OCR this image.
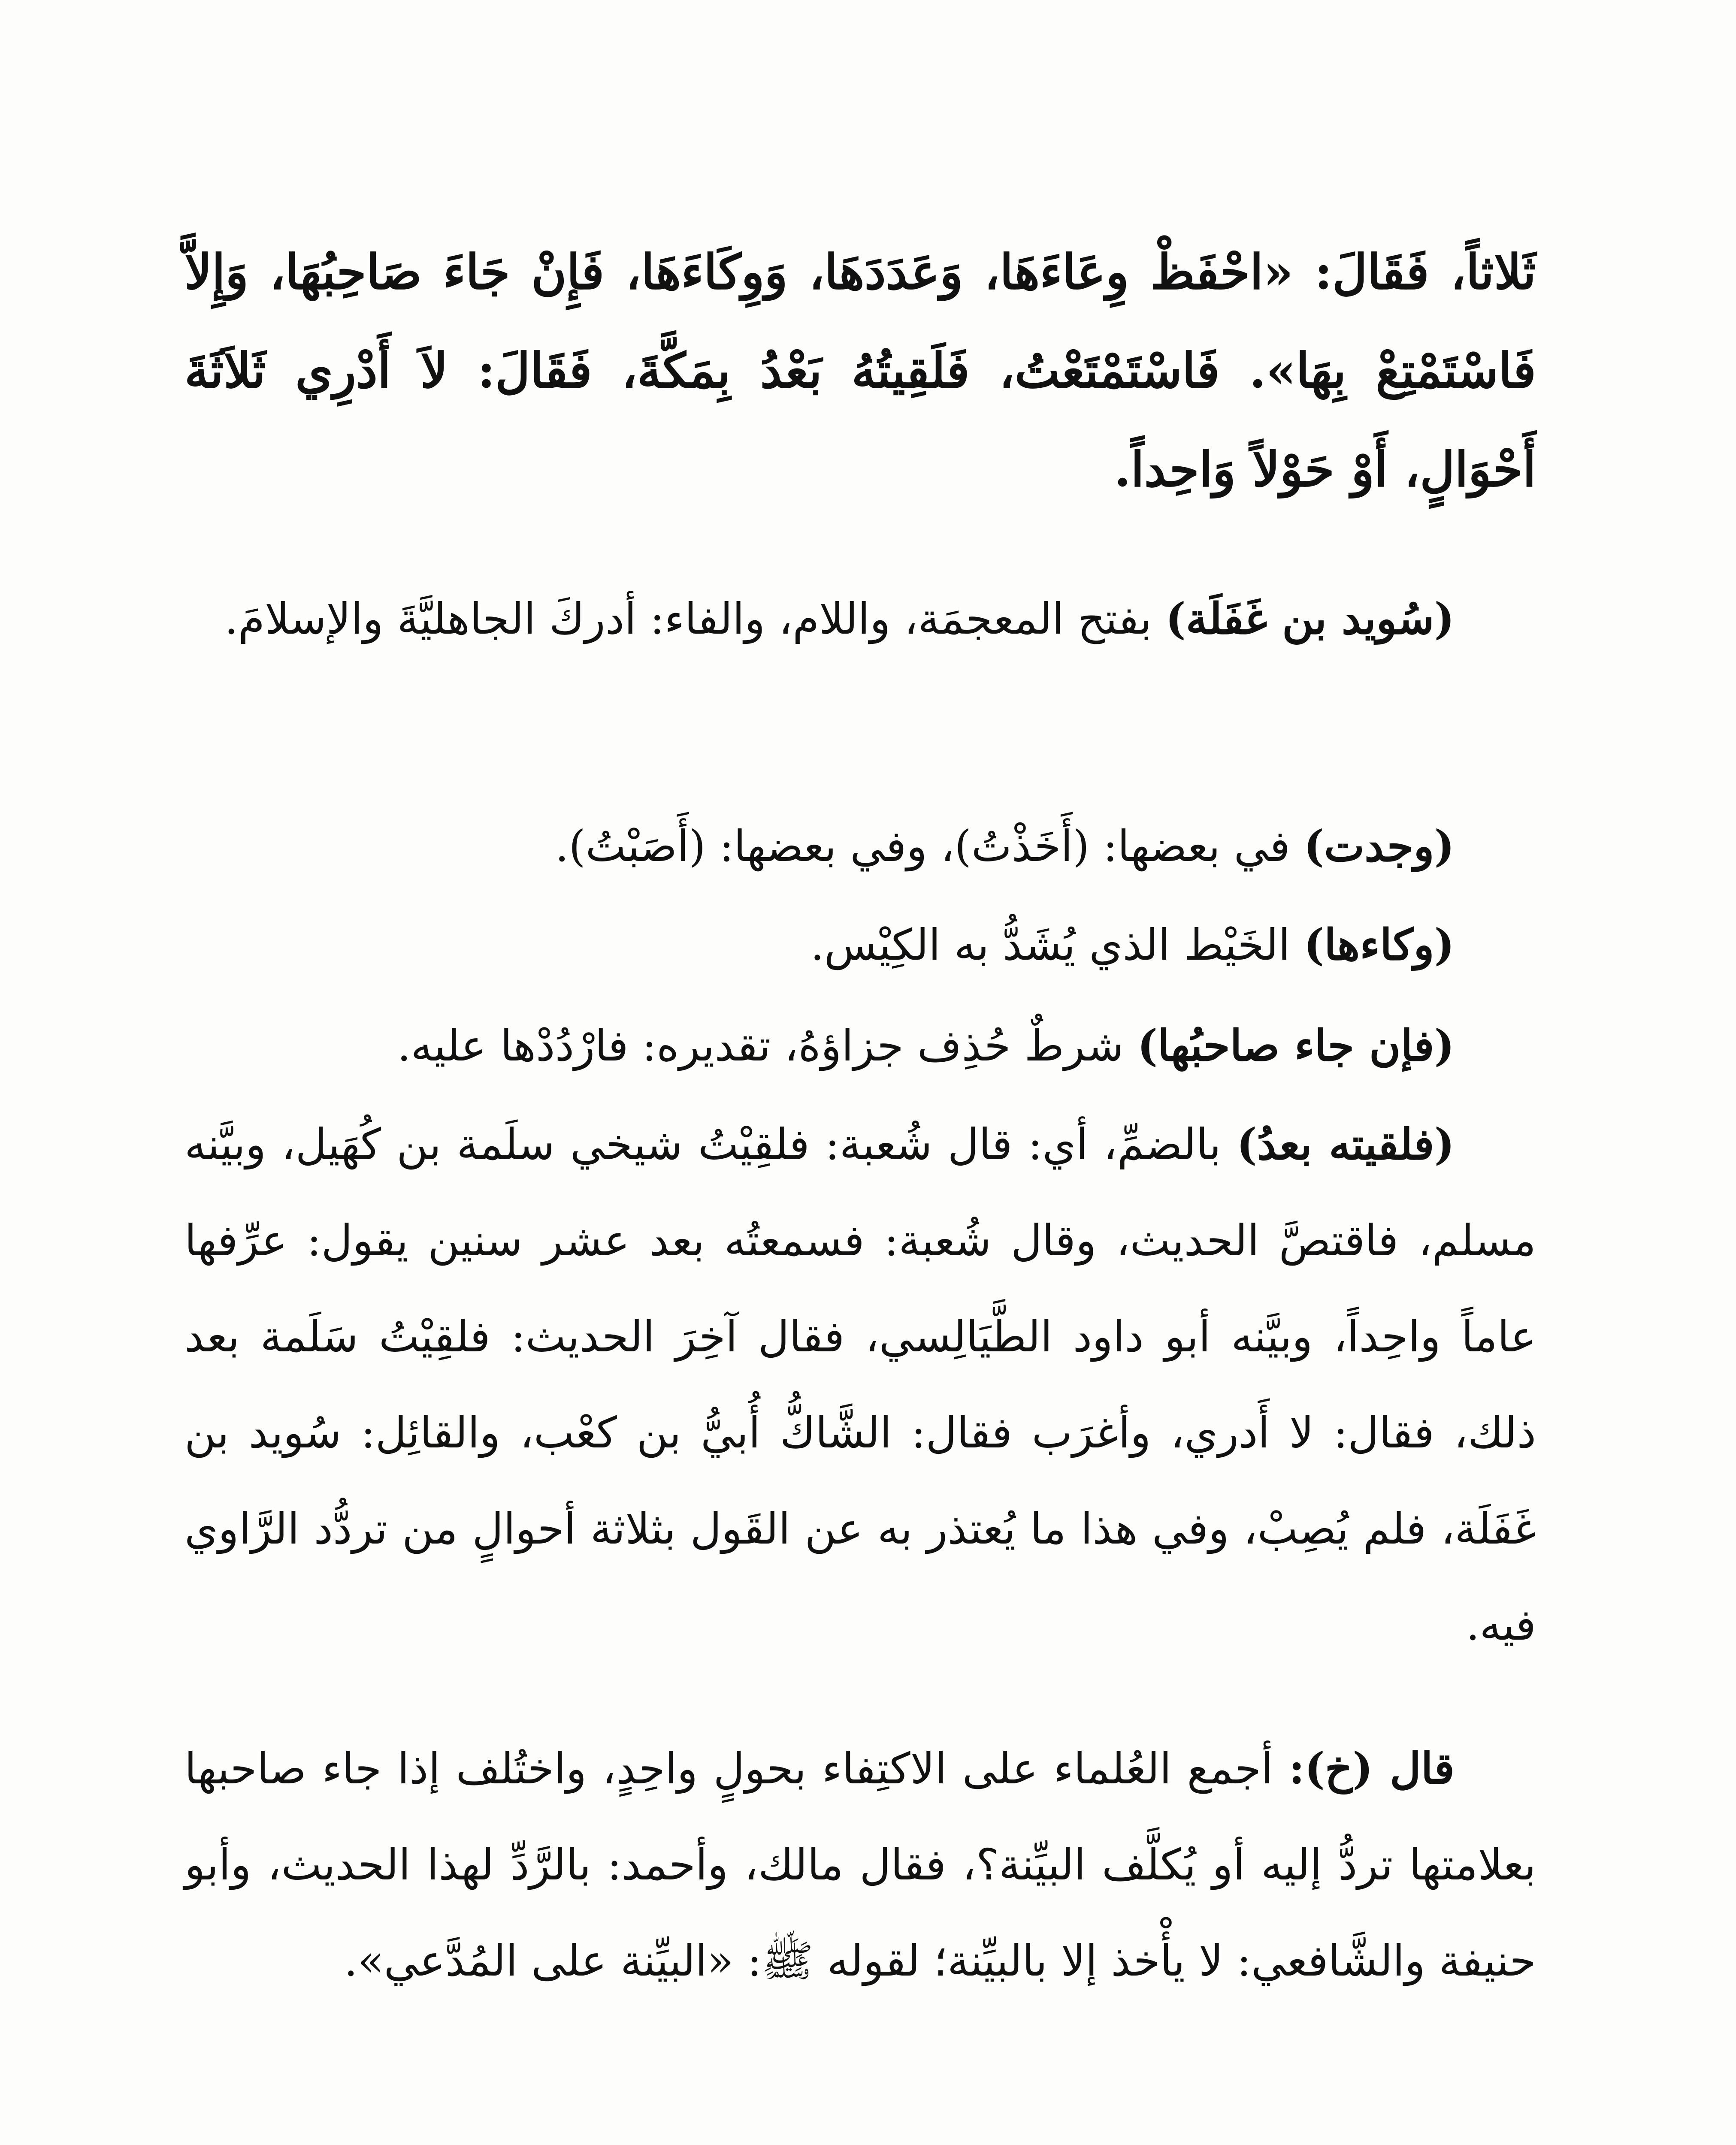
ثَلاثاً، فَقَالَ: «احْفَظْ وِعَاءَهَا، وَعَدَدَهَا، وَوِكَاءَهَا، فَإِنْ جَاءَ صَاحِبُهَا، وَإِلاَّ فَاسْتَمْتِعْ بِهَا». فَاسْتَمْتَعْتُ، فَلَقِيتُهُ بَعْدُ بِمَكَّةَ، فَقَالَ: لاَ أَدْرِي ثَلاَثَةَ أَحْوَالٍ، أَوْ حَوْلاً وَاحِداً.

(سُويد بن غَفَلَة) بفتح المعجمَة، واللام، والفاء: أدركَ الجاهليَّةَ والإسلامَ.

(وجدت) في بعضها: (أَخَذْتُ)، وفي بعضها: (أَصَبْتُ).

(وكاءها) الخَيْط الذي يُشَدُّ به الكِيْس.

(فإن جاء صاحبُها) شرطٌ حُذِف جزاؤهُ، تقديره: فارْدُدْها عليه.

(فلقيته بعدُ) بالضمِّ، أي: قال شُعبة: فلقِيْتُ شيخي سلَمة بن كُهَيل، وبيَّنه مسلم، فاقتصَّ الحديث، وقال شُعبة: فسمعتُه بعد عشر سنين يقول: عرِّفها عاماً واحِداً، وبيَّنه أبو داود الطَّيَالِسي، فقال آخِرَ الحديث: فلقِيْتُ سَلَمة بعد ذلك، فقال: لا أَدري، وأغرَب فقال: الشَّاكُّ أُبيُّ بن كعْب، والقائِل: سُويد بن غَفَلَة، فلم يُصِبْ، وفي هذا ما يُعتذر به عن القَول بثلاثة أحوالٍ من تردُّد الرَّاوي فيه.

قال (خ): أجمع العُلماء على الاكتِفاء بحولٍ واحِدٍ، واختُلف إذا جاء صاحبها بعلامتها تردُّ إليه أو يُكلَّف البيِّنة؟، فقال مالك، وأحمد: بالرَّدِّ لهذا الحديث، وأبو حنيفة والشَّافعي: لا يأْخذ إلا بالبيِّنة؛ لقوله ﷺ: «البيِّنة على المُدَّعي».
